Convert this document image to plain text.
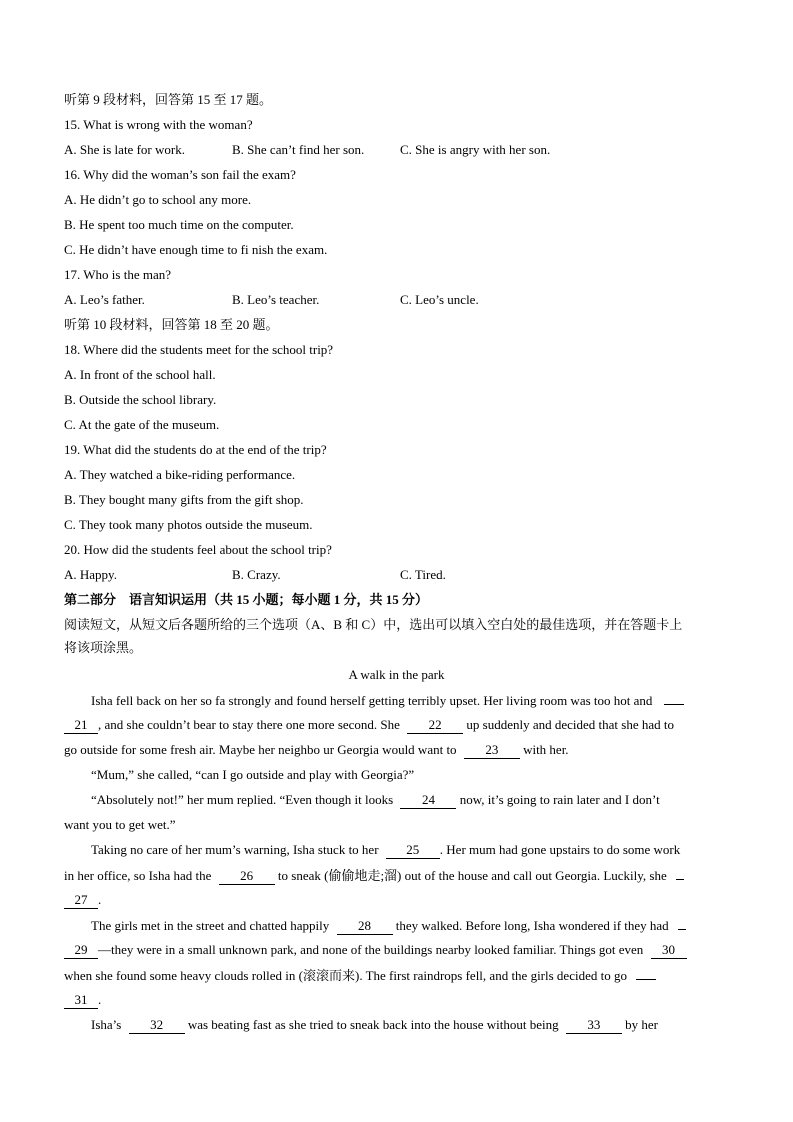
听第 9 段材料，回答第 15 至 17 题。
15. What is wrong with the woman?
A. She is late for work.	B. She can’t find her son.	C. She is angry with her son.
16. Why did the woman’s son fail the exam?
A. He didn’t go to school any more.
B. He spent too much time on the computer.
C. He didn’t have enough time to fi nish the exam.
17. Who is the man?
A. Leo’s father.	B. Leo’s teacher.	C. Leo’s uncle.
听第 10 段材料，回答第 18 至 20 题。
18. Where did the students meet for the school trip?
A. In front of the school hall.
B. Outside the school library.
C. At the gate of the museum.
19. What did the students do at the end of the trip?
A. They watched a bike-riding performance.
B. They bought many gifts from the gift shop.
C. They took many photos outside the museum.
20. How did the students feel about the school trip?
A. Happy.	B. Crazy.	C. Tired.
第二部分　语言知识运用（共 15 小题；每小题 1 分，共 15 分）
阅读短文，从短文后各题所给的三个选项（A、B 和 C）中，选出可以填入空白处的最佳选项，并在答题卡上
将该项涂黑。
A walk in the park
Isha fell back on her so fa strongly and found herself getting terribly upset. Her living room was too hot and
21 , and she couldn’t bear to stay there one more second. She 22 up suddenly and decided that she had to
go outside for some fresh air. Maybe her neighbo ur Georgia would want to 23 with her.
“Mum,” she called, “can I go outside and play with Georgia?”
“Absolutely not!” her mum replied. “Even though it looks 24 now, it’s going to rain later and I don’t
want you to get wet.”
Taking no care of her mum’s warning, Isha stuck to her 25 . Her mum had gone upstairs to do some work
in her office, so Isha had the 26 to sneak (偷偷地走;溜) out of the house and call out Georgia. Luckily, she
27 .
The girls met in the street and chatted happily 28 they walked. Before long, Isha wondered if they had
29 —they were in a small unknown park, and none of the buildings nearby looked familiar. Things got even 30
when she found some heavy clouds rolled in (滚滚而来). The first raindrops fell, and the girls decided to go
31 .
Isha’s 32 was beating fast as she tried to sneak back into the house without being 33 by her
